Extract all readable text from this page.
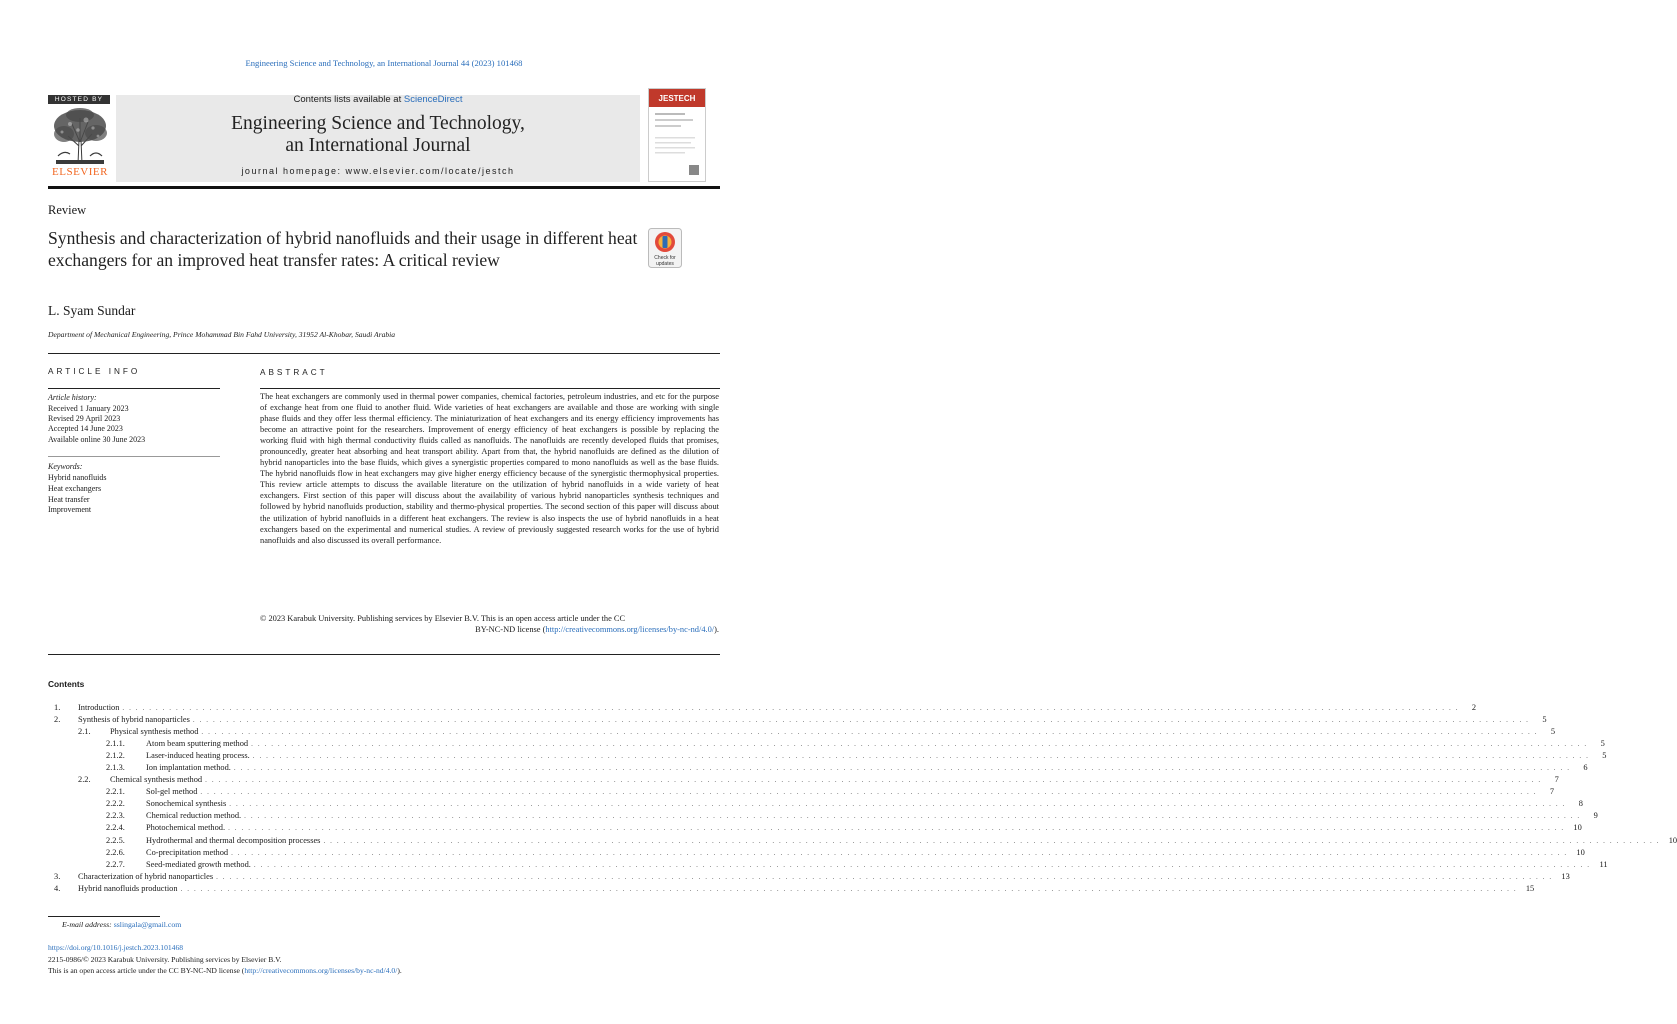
Engineering Science and Technology, an International Journal 44 (2023) 101468
HOSTED BY
ELSEVIER
Contents lists available at ScienceDirect
Engineering Science and Technology,
an International Journal
journal homepage: www.elsevier.com/locate/jestch
JESTECH
Review
Synthesis and characterization of hybrid nanofluids and their usage in different heat exchangers for an improved heat transfer rates: A critical review	Check for
updates
L. Syam Sundar
Department of Mechanical Engineering, Prince Mohammad Bin Fahd University, 31952 Al-Khobar, Saudi Arabia
ARTICLE INFO
Article history:
Received 1 January 2023
Revised 29 April 2023
Accepted 14 June 2023
Available online 30 June 2023
Keywords:
Hybrid nanofluids
Heat exchangers
Heat transfer
Improvement
ABSTRACT
The heat exchangers are commonly used in thermal power companies, chemical factories, petroleum industries, and etc for the purpose of exchange heat from one fluid to another fluid. Wide varieties of heat exchangers are available and those are working with single phase fluids and they offer less thermal efficiency. The miniaturization of heat exchangers and its energy efficiency improvements has become an attractive point for the researchers. Improvement of energy efficiency of heat exchangers is possible by replacing the working fluid with high thermal conductivity fluids called as nanofluids. The nanofluids are recently developed fluids that promises, pronouncedly, greater heat absorbing and heat transport ability. Apart from that, the hybrid nanofluids are defined as the dilution of hybrid nanoparticles into the base fluids, which gives a synergistic properties compared to mono nanofluids as well as the base fluids. The hybrid nanofluids flow in heat exchangers may give higher energy efficiency because of the synergistic thermophysical properties. This review article attempts to discuss the available literature on the utilization of hybrid nanofluids in a wide variety of heat exchangers. First section of this paper will discuss about the availability of various hybrid nanoparticles synthesis techniques and followed by hybrid nanofluids production, stability and thermo-physical properties. The second section of this paper will discuss about the utilization of hybrid nanofluids in a different heat exchangers. The review is also inspects the use of hybrid nanofluids in a heat exchangers based on the experimental and numerical studies. A review of previously suggested research works for the use of hybrid nanofluids and also discussed its overall performance.
© 2023 Karabuk University. Publishing services by Elsevier B.V. This is an open access article under the CC
BY-NC-ND license (http://creativecommons.org/licenses/by-nc-nd/4.0/).
Contents
1.	Introduction . . . . . . . . . . . . . . . . . . . . . . . . . . . . . . . . . . . . . . . . . . . . . . . . . . . . . . . . . . . . . . . . . . . . . . . . . . . . . . . . . . . . . . . . . . . . . . . . . . . . . . . . . . . . . . . . . . . . . . . . . . . . . . . . . . . . . . . . . . . . . . . . . . . . . . . . . . . . . . . . . . . . . . . . . . . . . . . . . . . . . . . . . . . . . . . . . . . . . . . .	2
2.	Synthesis of hybrid nanoparticles . . . . . . . . . . . . . . . . . . . . . . . . . . . . . . . . . . . . . . . . . . . . . . . . . . . . . . . . . . . . . . . . . . . . . . . . . . . . . . . . . . . . . . . . . . . . . . . . . . . . . . . . . . . . . . . . . . . . . . . . . . . . . . . . . . . . . . . . . . . . . . . . . . . . . . . . . . . . . . . . . . . . . . . . . . . . . . . . . . . . . . . . . . . . . . . . . . . . . . . .	5
2.1.	Physical synthesis method . . . . . . . . . . . . . . . . . . . . . . . . . . . . . . . . . . . . . . . . . . . . . . . . . . . . . . . . . . . . . . . . . . . . . . . . . . . . . . . . . . . . . . . . . . . . . . . . . . . . . . . . . . . . . . . . . . . . . . . . . . . . . . . . . . . . . . . . . . . . . . . . . . . . . . . . . . . . . . . . . . . . . . . . . . . . . . . . . . . . . . . . . . . . . . . . . . . . . . . .	5
2.1.1.	Atom beam sputtering method . . . . . . . . . . . . . . . . . . . . . . . . . . . . . . . . . . . . . . . . . . . . . . . . . . . . . . . . . . . . . . . . . . . . . . . . . . . . . . . . . . . . . . . . . . . . . . . . . . . . . . . . . . . . . . . . . . . . . . . . . . . . . . . . . . . . . . . . . . . . . . . . . . . . . . . . . . . . . . . . . . . . . . . . . . . . . . . . . . . . . . . . . . . . . . . . . . . . . . . .	5
2.1.2.	Laser-induced heating process. . . . . . . . . . . . . . . . . . . . . . . . . . . . . . . . . . . . . . . . . . . . . . . . . . . . . . . . . . . . . . . . . . . . . . . . . . . . . . . . . . . . . . . . . . . . . . . . . . . . . . . . . . . . . . . . . . . . . . . . . . . . . . . . . . . . . . . . . . . . . . . . . . . . . . . . . . . . . . . . . . . . . . . . . . . . . . . . . . . . . . . . . . . . . . . . . . . . . . . . .	5
2.1.3.	Ion implantation method. . . . . . . . . . . . . . . . . . . . . . . . . . . . . . . . . . . . . . . . . . . . . . . . . . . . . . . . . . . . . . . . . . . . . . . . . . . . . . . . . . . . . . . . . . . . . . . . . . . . . . . . . . . . . . . . . . . . . . . . . . . . . . . . . . . . . . . . . . . . . . . . . . . . . . . . . . . . . . . . . . . . . . . . . . . . . . . . . . . . . . . . . . . . . . . . . . . . . . . . .	6
2.2.	Chemical synthesis method . . . . . . . . . . . . . . . . . . . . . . . . . . . . . . . . . . . . . . . . . . . . . . . . . . . . . . . . . . . . . . . . . . . . . . . . . . . . . . . . . . . . . . . . . . . . . . . . . . . . . . . . . . . . . . . . . . . . . . . . . . . . . . . . . . . . . . . . . . . . . . . . . . . . . . . . . . . . . . . . . . . . . . . . . . . . . . . . . . . . . . . . . . . . . . . . . . . . . . . .	7
2.2.1.	Sol-gel method . . . . . . . . . . . . . . . . . . . . . . . . . . . . . . . . . . . . . . . . . . . . . . . . . . . . . . . . . . . . . . . . . . . . . . . . . . . . . . . . . . . . . . . . . . . . . . . . . . . . . . . . . . . . . . . . . . . . . . . . . . . . . . . . . . . . . . . . . . . . . . . . . . . . . . . . . . . . . . . . . . . . . . . . . . . . . . . . . . . . . . . . . . . . . . . . . . . . . . . .	7
2.2.2.	Sonochemical synthesis . . . . . . . . . . . . . . . . . . . . . . . . . . . . . . . . . . . . . . . . . . . . . . . . . . . . . . . . . . . . . . . . . . . . . . . . . . . . . . . . . . . . . . . . . . . . . . . . . . . . . . . . . . . . . . . . . . . . . . . . . . . . . . . . . . . . . . . . . . . . . . . . . . . . . . . . . . . . . . . . . . . . . . . . . . . . . . . . . . . . . . . . . . . . . . . . . . . . . . . .	8
2.2.3.	Chemical reduction method. . . . . . . . . . . . . . . . . . . . . . . . . . . . . . . . . . . . . . . . . . . . . . . . . . . . . . . . . . . . . . . . . . . . . . . . . . . . . . . . . . . . . . . . . . . . . . . . . . . . . . . . . . . . . . . . . . . . . . . . . . . . . . . . . . . . . . . . . . . . . . . . . . . . . . . . . . . . . . . . . . . . . . . . . . . . . . . . . . . . . . . . . . . . . . . . . . . . . . . . .	9
2.2.4.	Photochemical method. . . . . . . . . . . . . . . . . . . . . . . . . . . . . . . . . . . . . . . . . . . . . . . . . . . . . . . . . . . . . . . . . . . . . . . . . . . . . . . . . . . . . . . . . . . . . . . . . . . . . . . . . . . . . . . . . . . . . . . . . . . . . . . . . . . . . . . . . . . . . . . . . . . . . . . . . . . . . . . . . . . . . . . . . . . . . . . . . . . . . . . . . . . . . . . . . . . . . . . . .	10
2.2.5.	Hydrothermal and thermal decomposition processes . . . . . . . . . . . . . . . . . . . . . . . . . . . . . . . . . . . . . . . . . . . . . . . . . . . . . . . . . . . . . . . . . . . . . . . . . . . . . . . . . . . . . . . . . . . . . . . . . . . . . . . . . . . . . . . . . . . . . . . . . . . . . . . . . . . . . . . . . . . . . . . . . . . . . . . . . . . . . . . . . . . . . . . . . . . . . . . . . . . . . . . . . . . . . . . . . . . . . . . .	10
2.2.6.	Co-precipitation method . . . . . . . . . . . . . . . . . . . . . . . . . . . . . . . . . . . . . . . . . . . . . . . . . . . . . . . . . . . . . . . . . . . . . . . . . . . . . . . . . . . . . . . . . . . . . . . . . . . . . . . . . . . . . . . . . . . . . . . . . . . . . . . . . . . . . . . . . . . . . . . . . . . . . . . . . . . . . . . . . . . . . . . . . . . . . . . . . . . . . . . . . . . . . . . . . . . . . . . .	10
2.2.7.	Seed-mediated growth method. . . . . . . . . . . . . . . . . . . . . . . . . . . . . . . . . . . . . . . . . . . . . . . . . . . . . . . . . . . . . . . . . . . . . . . . . . . . . . . . . . . . . . . . . . . . . . . . . . . . . . . . . . . . . . . . . . . . . . . . . . . . . . . . . . . . . . . . . . . . . . . . . . . . . . . . . . . . . . . . . . . . . . . . . . . . . . . . . . . . . . . . . . . . . . . . . . . . . . . . .	11
3.	Characterization of hybrid nanoparticles . . . . . . . . . . . . . . . . . . . . . . . . . . . . . . . . . . . . . . . . . . . . . . . . . . . . . . . . . . . . . . . . . . . . . . . . . . . . . . . . . . . . . . . . . . . . . . . . . . . . . . . . . . . . . . . . . . . . . . . . . . . . . . . . . . . . . . . . . . . . . . . . . . . . . . . . . . . . . . . . . . . . . . . . . . . . . . . . . . . . . . . . . . . . . . . . . . . . . . . .	13
4.	Hybrid nanofluids production . . . . . . . . . . . . . . . . . . . . . . . . . . . . . . . . . . . . . . . . . . . . . . . . . . . . . . . . . . . . . . . . . . . . . . . . . . . . . . . . . . . . . . . . . . . . . . . . . . . . . . . . . . . . . . . . . . . . . . . . . . . . . . . . . . . . . . . . . . . . . . . . . . . . . . . . . . . . . . . . . . . . . . . . . . . . . . . . . . . . . . . . . . . . . . . . . . . . . . . .	15
E-mail address: sslingala@gmail.com
https://doi.org/10.1016/j.jestch.2023.101468
2215-0986/© 2023 Karabuk University. Publishing services by Elsevier B.V.
This is an open access article under the CC BY-NC-ND license (http://creativecommons.org/licenses/by-nc-nd/4.0/).
